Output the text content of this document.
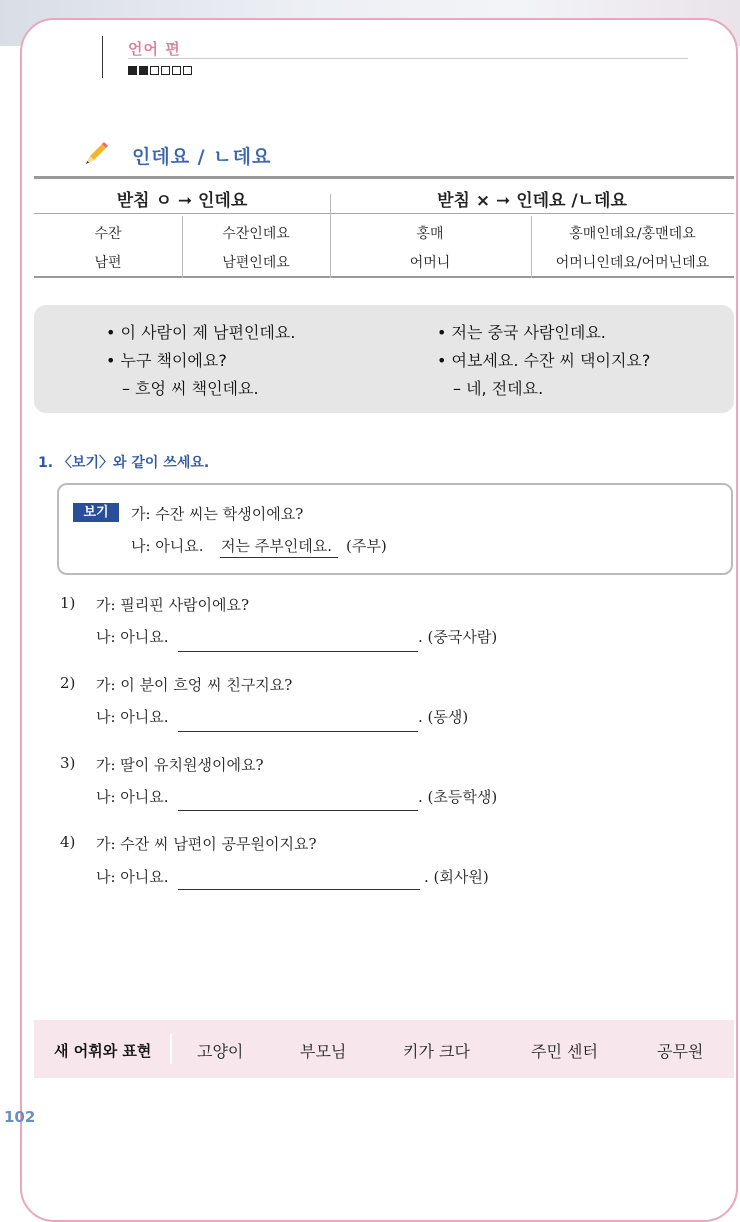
언어 편
인데요 / ㄴ데요
받침 ㅇ ➞ 인데요	받침 × ➞ 인데요 /ㄴ데요
수잔	수잔인데요	홍매	홍매인데요/홍맨데요
남편	남편인데요	어머니	어머니인데요/어머닌데요
• 이 사람이 제 남편인데요.
• 누구 책이에요?
– 흐엉 씨 책인데요.
• 저는 중국 사람인데요.
• 여보세요. 수잔 씨 댁이지요?
– 네, 전데요.
1. 〈보기〉와 같이 쓰세요.
보기	가: 수잔 씨는 학생이에요?
나: 아니요. 저는 주부인데요. (주부)
1) 가: 필리핀 사람이에요?
나: 아니요.	. (중국사람)
2) 가: 이 분이 흐엉 씨 친구지요?
나: 아니요.	. (동생)
3) 가: 딸이 유치원생이에요?
나: 아니요.	. (초등학생)
4) 가: 수잔 씨 남편이 공무원이지요?
나: 아니요.	. (회사원)
새 어휘와 표현	고양이	부모님	키가 크다	주민 센터	공무원
102
